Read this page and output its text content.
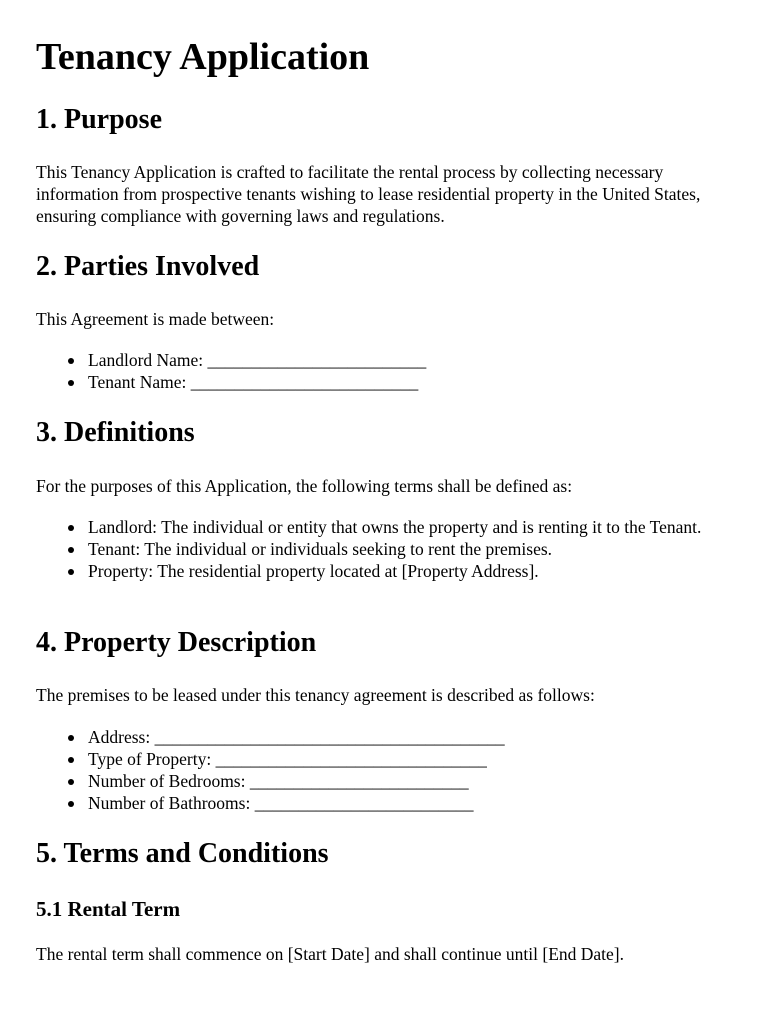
Tenancy Application
1. Purpose

This Tenancy Application is crafted to facilitate the rental process by collecting necessary information from prospective tenants wishing to lease residential property in the United States, ensuring compliance with governing laws and regulations.

2. Parties Involved

This Agreement is made between:

Landlord Name: _________________________
Tenant Name: __________________________
3. Definitions

For the purposes of this Application, the following terms shall be defined as:

Landlord: The individual or entity that owns the property and is renting it to the Tenant.
Tenant: The individual or individuals seeking to rent the premises.
Property: The residential property located at [Property Address].
4. Property Description

The premises to be leased under this tenancy agreement is described as follows:

Address: ________________________________________
Type of Property: _______________________________
Number of Bedrooms: _________________________
Number of Bathrooms: _________________________
5. Terms and Conditions
5.1 Rental Term

The rental term shall commence on [Start Date] and shall continue until [End Date].
